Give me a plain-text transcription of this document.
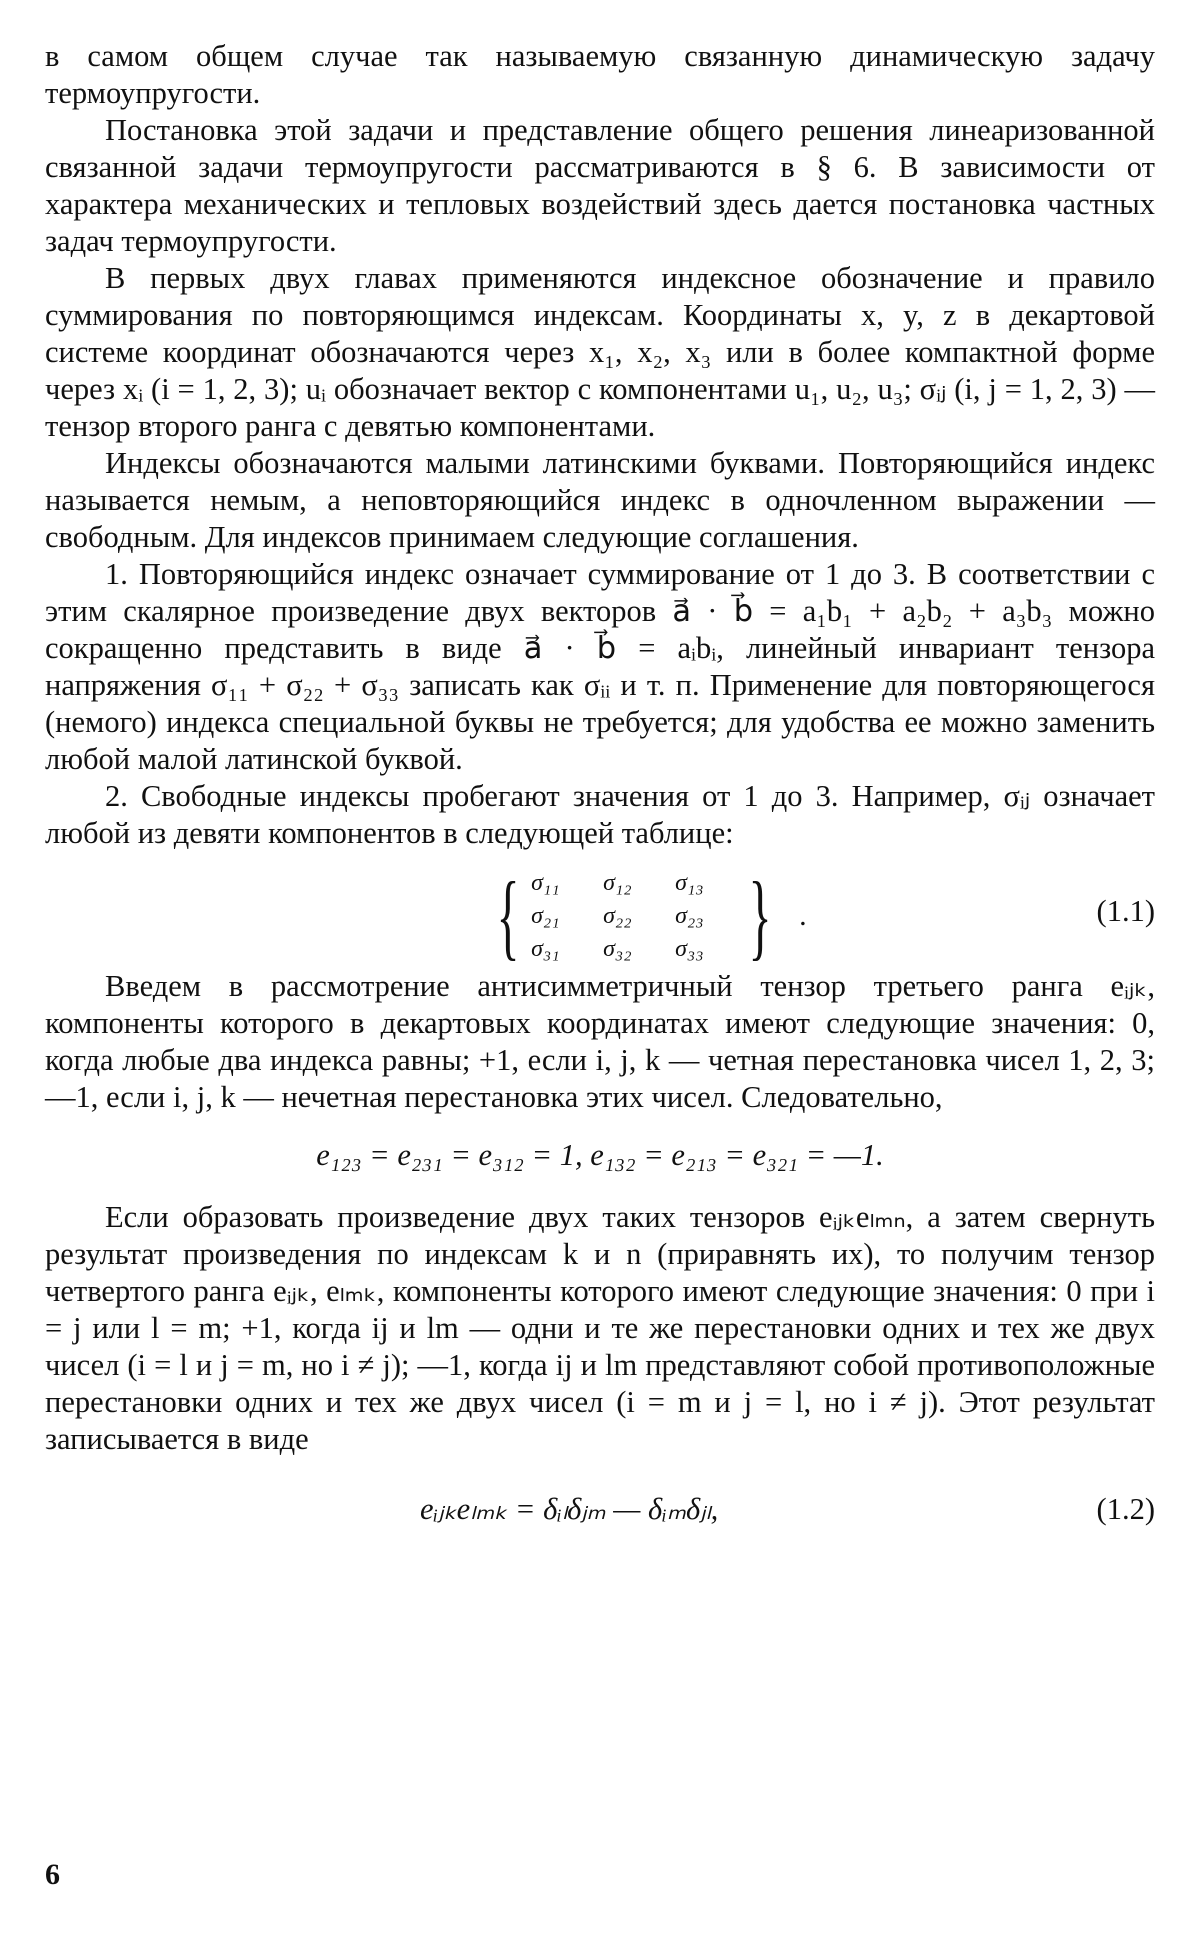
в самом общем случае так называемую связанную динамическую задачу термоупругости.

Постановка этой задачи и представление общего решения линеаризованной связанной задачи термоупругости рассматриваются в § 6. В зависимости от характера механических и тепловых воздействий здесь дается постановка частных задач термоупругости.

В первых двух главах применяются индексное обозначение и правило суммирования по повторяющимся индексам. Координаты x, y, z в декартовой системе координат обозначаются через x₁, x₂, x₃ или в более компактной форме через xᵢ (i = 1, 2, 3); uᵢ обозначает вектор с компонентами u₁, u₂, u₃; σᵢⱼ (i, j = 1, 2, 3) — тензор второго ранга с девятью компонентами.

Индексы обозначаются малыми латинскими буквами. Повторяющийся индекс называется немым, а неповторяющийся индекс в одночленном выражении — свободным. Для индексов принимаем следующие соглашения.

1. Повторяющийся индекс означает суммирование от 1 до 3. В соответствии с этим скалярное произведение двух векторов a⃗ · b⃗ = a₁b₁ + a₂b₂ + a₃b₃ можно сокращенно представить в виде a⃗ · b⃗ = aᵢbᵢ, линейный инвариант тензора напряжения σ₁₁ + σ₂₂ + σ₃₃ записать как σᵢᵢ и т. п. Применение для повторяющегося (немого) индекса специальной буквы не требуется; для удобства ее можно заменить любой малой латинской буквой.

2. Свободные индексы пробегают значения от 1 до 3. Например, σᵢⱼ означает любой из девяти компонентов в следующей таблице:

{ σ₁₁	σ₁₂	σ₁₃
σ₂₁	σ₂₂	σ₂₃
σ₃₁	σ₃₂	σ₃₃ } .	(1.1)

Введем в рассмотрение антисимметричный тензор третьего ранга eᵢⱼₖ, компоненты которого в декартовых координатах имеют следующие значения: 0, когда любые два индекса равны; +1, если i, j, k — четная перестановка чисел 1, 2, 3; —1, если i, j, k — нечетная перестановка этих чисел. Следовательно,

e₁₂₃ = e₂₃₁ = e₃₁₂ = 1, e₁₃₂ = e₂₁₃ = e₃₂₁ = —1.

Если образовать произведение двух таких тензоров eᵢⱼₖeₗₘₙ, а затем свернуть результат произведения по индексам k и n (приравнять их), то получим тензор четвертого ранга eᵢⱼₖ, eₗₘₖ, компоненты которого имеют следующие значения: 0 при i = j или l = m; +1, когда ij и lm — одни и те же перестановки одних и тех же двух чисел (i = l и j = m, но i ≠ j); —1, когда ij и lm представляют собой противоположные перестановки одних и тех же двух чисел (i = m и j = l, но i ≠ j). Этот результат записывается в виде

eᵢⱼₖeₗₘₖ = δᵢₗδⱼₘ — δᵢₘδⱼₗ,	(1.2)
6
